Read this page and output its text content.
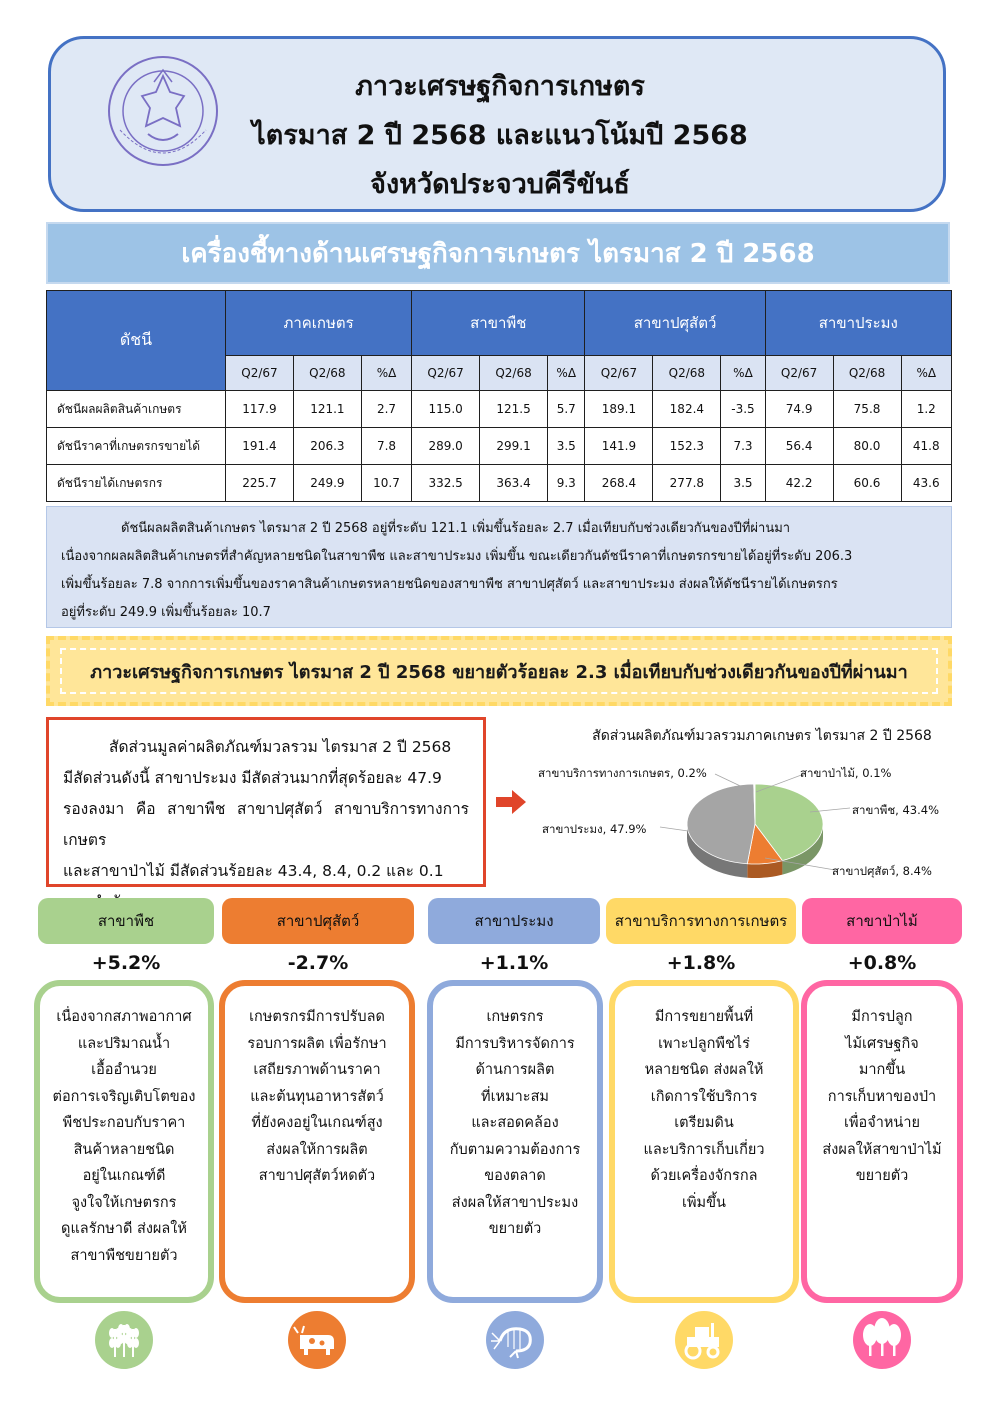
ภาวะเศรษฐกิจการเกษตร
ไตรมาส 2 ปี 2568 และแนวโน้มปี 2568
จังหวัดประจวบคีรีขันธ์
เครื่องชี้ทางด้านเศรษฐกิจการเกษตร ไตรมาส 2 ปี 2568
ดัชนี	ภาคเกษตร			สาขาพืช			สาขาปศุสัตว์			สาขาประมง		
	Q2/67	Q2/68	%Δ	Q2/67	Q2/68	%Δ	Q2/67	Q2/68	%Δ	Q2/67	Q2/68	%Δ
ดัชนีผลผลิตสินค้าเกษตร	117.9	121.1	2.7	115.0	121.5	5.7	189.1	182.4	-3.5	74.9	75.8	1.2
ดัชนีราคาที่เกษตรกรขายได้	191.4	206.3	7.8	289.0	299.1	3.5	141.9	152.3	7.3	56.4	80.0	41.8
ดัชนีรายได้เกษตรกร	225.7	249.9	10.7	332.5	363.4	9.3	268.4	277.8	3.5	42.2	60.6	43.6
ดัชนีผลผลิตสินค้าเกษตร ไตรมาส 2 ปี 2568 อยู่ที่ระดับ 121.1 เพิ่มขึ้นร้อยละ 2.7 เมื่อเทียบกับช่วงเดียวกันของปีที่ผ่านมา
เนื่องจากผลผลิตสินค้าเกษตรที่สำคัญหลายชนิดในสาขาพืช และสาขาประมง เพิ่มขึ้น ขณะเดียวกันดัชนีราคาที่เกษตรกรขายได้อยู่ที่ระดับ 206.3
เพิ่มขึ้นร้อยละ 7.8 จากการเพิ่มขึ้นของราคาสินค้าเกษตรหลายชนิดของสาขาพืช สาขาปศุสัตว์ และสาขาประมง ส่งผลให้ดัชนีรายได้เกษตรกร
อยู่ที่ระดับ 249.9 เพิ่มขึ้นร้อยละ 10.7
ภาวะเศรษฐกิจการเกษตร ไตรมาส 2 ปี 2568 ขยายตัวร้อยละ 2.3 เมื่อเทียบกับช่วงเดียวกันของปีที่ผ่านมา
สัดส่วนมูลค่าผลิตภัณฑ์มวลรวม ไตรมาส 2 ปี 2568
มีสัดส่วนดังนี้ สาขาประมง มีสัดส่วนมากที่สุดร้อยละ 47.9
รองลงมา คือ สาขาพืช สาขาปศุสัตว์ สาขาบริการทางการเกษตร
และสาขาป่าไม้ มีสัดส่วนร้อยละ 43.4, 8.4, 0.2 และ 0.1
สัดส่วนผลิตภัณฑ์มวลรวมภาคเกษตร ไตรมาส 2 ปี 2568
สาขาบริการทางการเกษตร, 0.2%	สาขาป่าไม้, 0.1%
สาขาพืช, 43.4%
สาขาประมง, 47.9%
สาขาปศุสัตว์, 8.4%
สาขาพืช
+5.2%
เนื่องจากสภาพอากาศ
และปริมาณน้ำ
เอื้ออำนวย
ต่อการเจริญเติบโตของ
พืชประกอบกับราคา
สินค้าหลายชนิด
อยู่ในเกณฑ์ดี
จูงใจให้เกษตรกร
ดูแลรักษาดี ส่งผลให้
สาขาพืชขยายตัว
สาขาปศุสัตว์
-2.7%
เกษตรกรมีการปรับลด
รอบการผลิต เพื่อรักษา
เสถียรภาพด้านราคา
และต้นทุนอาหารสัตว์
ที่ยังคงอยู่ในเกณฑ์สูง
ส่งผลให้การผลิต
สาขาปศุสัตว์หดตัว
สาขาประมง
+1.1%
เกษตรกร
มีการบริหารจัดการ
ด้านการผลิต
ที่เหมาะสม
และสอดคล้อง
กับตามความต้องการ
ของตลาด
ส่งผลให้สาขาประมง
ขยายตัว
สาขาบริการทางการเกษตร
+1.8%
มีการขยายพื้นที่
เพาะปลูกพืชไร่
หลายชนิด ส่งผลให้
เกิดการใช้บริการ
เตรียมดิน
และบริการเก็บเกี่ยว
ด้วยเครื่องจักรกล
เพิ่มขึ้น
สาขาป่าไม้
+0.8%
มีการปลูก
ไม้เศรษฐกิจ
มากขึ้น
การเก็บหาของป่า
เพื่อจำหน่าย
ส่งผลให้สาขาป่าไม้
ขยายตัว
